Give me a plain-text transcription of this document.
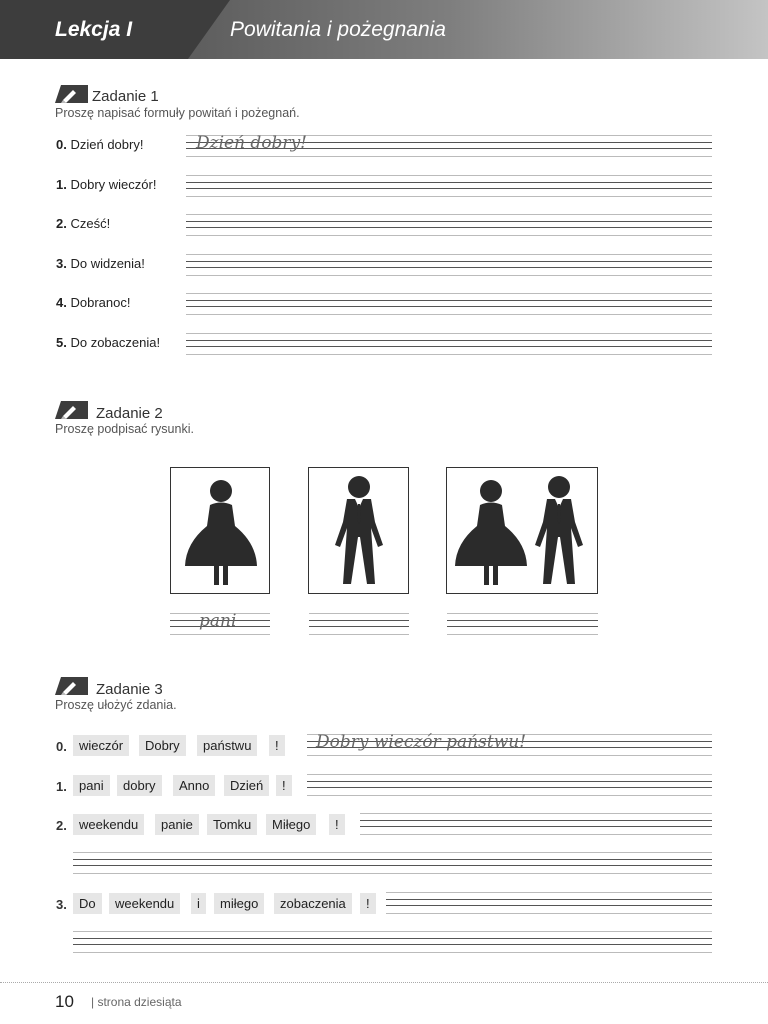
Lekcja I	Powitania i pożegnania
Zadanie 1
Proszę napisać formuły powitań i pożegnań.
0. Dzień dobry!	Dzień dobry!
1. Dobry wieczór!
2. Cześć!
3. Do widzenia!
4. Dobranoc!
5. Do zobaczenia!
Zadanie 2
Proszę podpisać rysunki.
pani
Zadanie 3
Proszę ułożyć zdania.
0. wieczór	Dobry	państwu	!	Dobry wieczór państwu!
1. pani	dobry	Anno	Dzień	!
2. weekendu	panie	Tomku	Miłego	!
3. Do	weekendu	i	miłego	zobaczenia	!
10 | strona dziesiąta
